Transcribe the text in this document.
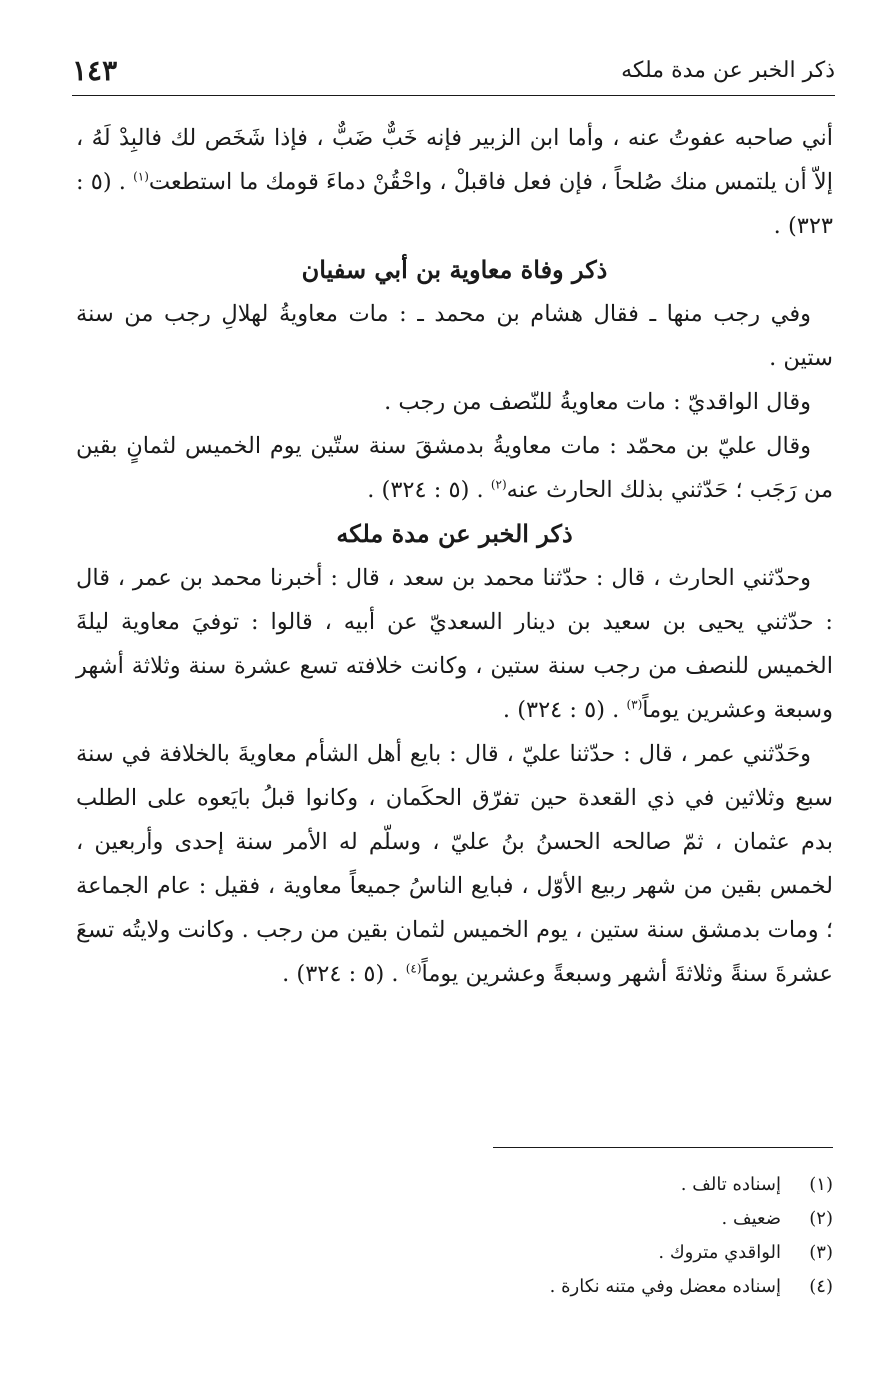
ذكر الخبر عن مدة ملكه
١٤٣

أني صاحبه عفوتُ عنه ، وأما ابن الزبير فإنه خَبٌّ ضَبٌّ ، فإذا شَخَص لك فالبِدْ لَهُ ، إلاّ أن يلتمس منك صُلحاً ، فإن فعل فاقبلْ ، واحْقُنْ دماءَ قومك ما استطعت$^{(١)}$ . (٥ : ٣٢٣) .

ذكر وفاة معاوية بن أبي سفيان

وفي رجب منها ـ فقال هشام بن محمد ـ : مات معاويةُ لهلالِ رجب من سنة ستين .

وقال الواقديّ : مات معاويةُ للنّصف من رجب .

وقال عليّ بن محمّد : مات معاويةُ بدمشقَ سنة ستّين يوم الخميس لثمانٍ بقين من رَجَب ؛ حَدّثني بذلك الحارث عنه$^{(٢)}$ . (٥ : ٣٢٤) .

ذكر الخبر عن مدة ملكه

وحدّثني الحارث ، قال : حدّثنا محمد بن سعد ، قال : أخبرنا محمد بن عمر ، قال : حدّثني يحيى بن سعيد بن دينار السعديّ عن أبيه ، قالوا : توفيَ معاوية ليلةَ الخميس للنصف من رجب سنة ستين ، وكانت خلافته تسع عشرة سنة وثلاثة أشهر وسبعة وعشرين يوماً$^{(٣)}$ . (٥ : ٣٢٤) .

وحَدّثني عمر ، قال : حدّثنا عليّ ، قال : بايع أهل الشأم معاويةَ بالخلافة في سنة سبع وثلاثين في ذي القعدة حين تفرّق الحكَمان ، وكانوا قبلُ بايَعوه على الطلب بدم عثمان ، ثمّ صالحه الحسنُ بنُ عليّ ، وسلّم له الأمر سنة إحدى وأربعين ، لخمس بقين من شهر ربيع الأوّل ، فبايع الناسُ جميعاً معاوية ، فقيل : عام الجماعة ؛ ومات بدمشق سنة ستين ، يوم الخميس لثمان بقين من رجب . وكانت ولايتُه تسعَ عشرةَ سنةً وثلاثةَ أشهر وسبعةً وعشرين يوماً$^{(٤)}$ . (٥ : ٣٢٤) .

(١)
إسناده تالف .
(٢)
ضعيف .
(٣)
الواقدي متروك .
(٤)
إسناده معضل وفي متنه نكارة .
